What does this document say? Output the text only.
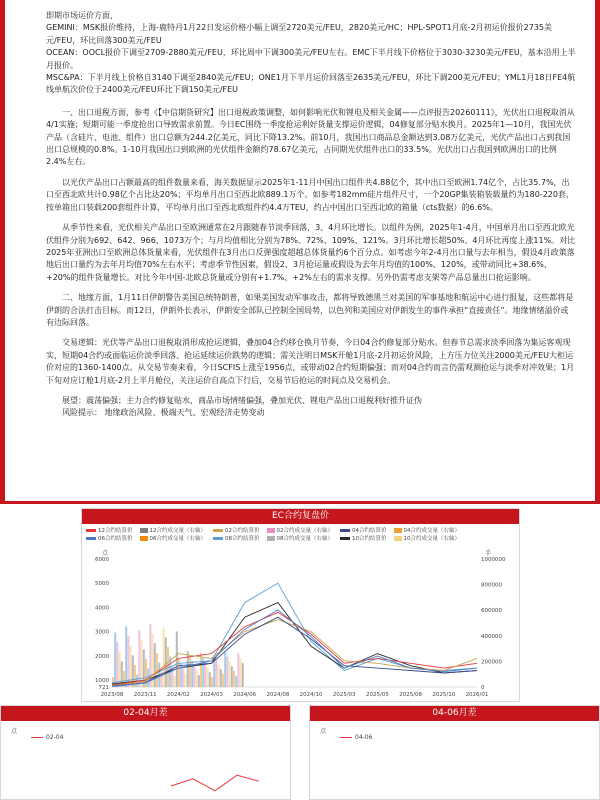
即期市场运价方面，

GEMINI：MSK报价维持，上海-鹿特丹1月22日发运价格小幅上调至2720美元/FEU，2820美元/HC；HPL-SPOT1月底-2月初运价报价2735美元/FEU，环比回落300美元/FEU

OCEAN：OOCL报价下调至2709-2880美元/FEU，环比周中下调300美元/FEU左右。EMC下半月线下价格位于3030-3230美元/FEU，基本沿用上半月报价。

MSC&PA：下半月线上价格自3140下调至2840美元/FEU；ONE1月下半月运价回落至2635美元/FEU，环比下调200美元/FEU；YML1月18日FE4航线单航次价位于2400美元/FEU环比下调150美元/FEU

一、出口退税方面，参考《【中信期货研究】出口退税政策调整，如何影响光伏和锂电及相关金属——点评报告20260111》，光伏出口退税取消从4/1实施；短期可能一季度抢出口导致需求前置。今日EC围绕一季度抢运利好货量支撑运价逻辑，04修复部分贴水换月。2025年1—10月，我国光伏产品（含硅片、电池、组件）出口总额为244.2亿美元，同比下降13.2%。前10月，我国出口商品总金额达到3.08万亿美元，光伏产品出口占到我国出口总规模的0.8%。1-10月我国出口到欧洲的光伏组件金额约78.67亿美元，占同期光伏组件出口的33.5%。光伏出口占我国到欧洲出口的比例2.4%左右。

以光伏产品出口占额最高的组件数量来看，海关数据显示2025年1-11月中国出口组件共4.88亿个，其中出口至欧洲1.74亿个，占比35.7%，出口至西北欧共计0.98亿个占比达20%；平均单月出口至西北欧889.1万个。如参考182mm硅片组件尺寸，一个20GP集装箱装载量约为180-220套，按单箱出口装载200套组件计算，平均单月出口至西北欧组件约4.4万TEU，约占中国出口至西北欧的箱量（cts数据）的6.6%。

从季节性来看，光伏相关产品出口至欧洲通常在2月跟随春节淡季回落，3、4月环比增长。以组件为例，2025年1-4月，中国单月出口至西北欧光伏组件分别为692、642、966、1073万个；与月均值相比分别为78%、72%、109%、121%。3月环比增长超50%、4月环比再度上涨11%。对比2025年亚洲出口至欧洲总体货量来看，光伏组件在3月出口反弹强度超越总体货量约6个百分点。如考虑今年2-4月出口量与去年相当，假设4月政策落地后出口量约为去年月均值70%左右水平；考虑季节性因素，假设2、3月抢运量或假设为去年月均值的100%、120%，或带动同比+38.6%、+20%的组件货量增长。对比今年中国-北欧总货量或分别有+1.7%、+2%左右的需求支撑。另外仍需考虑支架等产品总量出口抢运影响。

二、地缘方面，1月11日伊朗警告美国总统特朗普，如果美国发动军事攻击，都将导致德黑兰对美国的军事基地和航运中心进行报复，这些都将是伊朗的合法打击目标。而12日，伊朗外长表示，伊朗安全部队已控制全国局势，以色列和美国应对伊朗发生的事件承担“直接责任”。地缘情绪溢价或有边际回落。

交易逻辑：光伏等产品出口退税取消形成抢运逻辑，叠加04合约移仓换月节奏，今日04合约修复部分贴水。但春节总需求淡季回落为集运客观现实，短期04合约或面临运价淡季回落、抢运延续运价跌势的逻辑；需关注明日MSK开舱1月底-2月初运价风险，上方压力位关注2000美元/FEU大柜运价对应的1360-1400点。从交易节奏来看，今日SCFIS上涨至1956点，或带动02合约短期偏强；而对04合约而言仍需观测抢运与淡季对冲效果；1月下旬对应订舱1月底-2月上半月舱位，关注运价自高点下行后，交易节后抢运的时间点及交易机会。

展望：震荡偏强；主力合约修复贴水，商品市场情绪偏强，叠加光伏、锂电产品出口退税利好推升证伪

风险提示： 地缘政治风险、极端天气、宏观经济走势变动

EC合约复盘价
12合约结算价	12合约成交量（右轴）	02合约结算价	02合约成交量（右轴）	04合约结算价	04合约成交量（右轴）06合约结算价	06合约成交量（右轴）	08合约结算价	08合约成交量（右轴）	10合约结算价	10合约成交量（右轴）
点	手
6000
5000
4000
3000
2000
1000
721
1000000
800000
600000
400000
200000
0
2023/08 2023/11 2024/02 2024/03 2024/06 2024/08 2024/10 2025/03 2025/05 2025/08 2025/10 2026/01
02-04月差
点
02-04
04-06月差
点
04-06
